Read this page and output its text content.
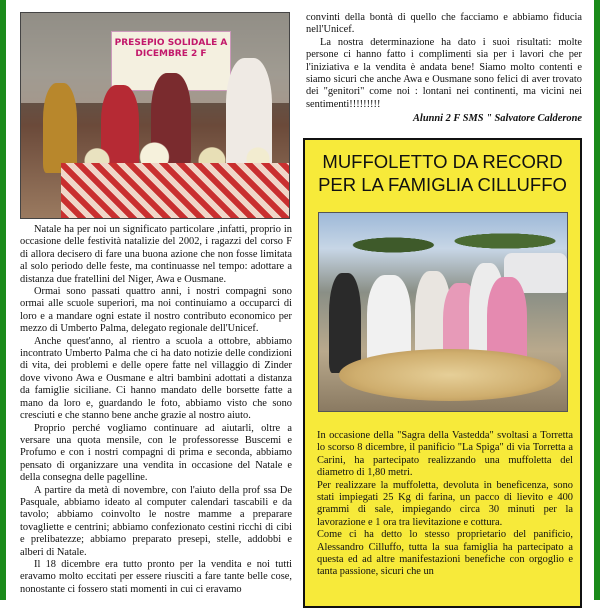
PRESEPIO SOLIDALE A DICEMBRE 2 F

Natale ha per noi un significato particolare ,infatti, proprio in occasione delle festività natalizie del 2002, i ragazzi del corso F di allora decisero di fare una buona azione che non fosse limitata al solo periodo delle feste, ma continuasse nel tempo: adottare a distanza due fratellini del Niger, Awa e Ousmane.

Ormai sono passati quattro anni, i nostri compagni sono ormai alle scuole superiori, ma noi continuiamo a occuparci di loro e a mandare ogni estate il nostro contributo economico per mezzo di Umberto Palma, delegato regionale dell'Unicef.

Anche quest'anno, al rientro a scuola a ottobre, abbiamo incontrato Umberto Palma che ci ha dato notizie delle condizioni di vita, dei problemi e delle opere fatte nel villaggio di Zinder dove vivono Awa e Ousmane e altri bambini adottati a distanza da famiglie siciliane. Ci hanno mandato delle borsette fatte a mano da loro e, guardando le foto, abbiamo visto che sono cresciuti e che stanno bene anche grazie al nostro aiuto.

Proprio perché vogliamo continuare ad aiutarli, oltre a versare una quota mensile, con le professoresse Buscemi e Profumo e con i nostri compagni di prima e seconda, abbiamo pensato di organizzare una vendita in occasione del Natale e della consegna delle pagelline.

A partire da metà di novembre, con l'aiuto della prof ssa De Pasquale, abbiamo ideato al computer calendari tascabili e da tavolo; abbiamo coinvolto le nostre mamme a preparare tovagliette e centrini; abbiamo confezionato cestini ricchi di cibi e prelibatezze; abbiamo preparato presepi, stelle, addobbi e alberi di Natale.

Il 18 dicembre era tutto pronto per la vendita e noi tutti eravamo molto eccitati per essere riusciti a fare tante belle cose, nonostante ci fossero stati momenti in cui ci eravamo

convinti della bontà di quello che facciamo e abbiamo fiducia nell'Unicef.

La nostra determinazione ha dato i suoi risultati: molte persone ci hanno fatto i complimenti sia per i lavori che per l'iniziativa e la vendita è andata bene! Siamo molto contenti e siamo sicuri che anche Awa e Ousmane sono felici di aver trovato dei "genitori" come noi : lontani nei continenti, ma vicini nei sentimenti!!!!!!!!!

Alunni 2 F SMS " Salvatore Calderone

MUFFOLETTO DA RECORD
PER LA FAMIGLIA CILLUFFO

In occasione della "Sagra della Vastedda" svoltasi a Torretta lo scorso 8 dicembre, il panificio "La Spiga" di via Torretta a Carini, ha partecipato realizzando una muffoletta del diametro di 1,80 metri.

Per realizzare la muffoletta, devoluta in beneficenza, sono stati impiegati 25 Kg di farina, un pacco di lievito e 400 grammi di sale, impiegando circa 30 minuti per la lavorazione e 1 ora tra lievitazione e cottura.

Come ci ha detto lo stesso proprietario del panificio, Alessandro Cilluffo, tutta la sua famiglia ha partecipato a questa ed ad altre manifestazioni benefiche con orgoglio e tanta passione, sicuri che un
